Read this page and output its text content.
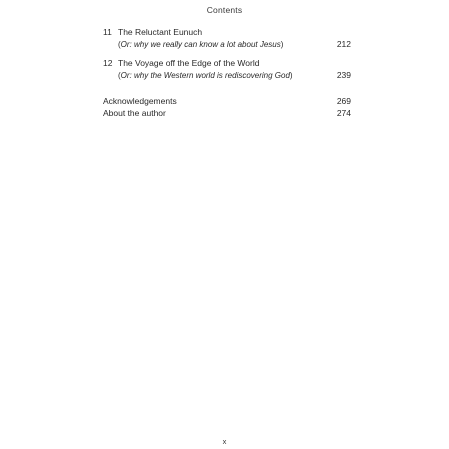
Contents
11 The Reluctant Eunuch
(Or: why we really can know a lot about Jesus)	212
12 The Voyage off the Edge of the World
(Or: why the Western world is rediscovering God)	239
Acknowledgements	269
About the author	274
x
